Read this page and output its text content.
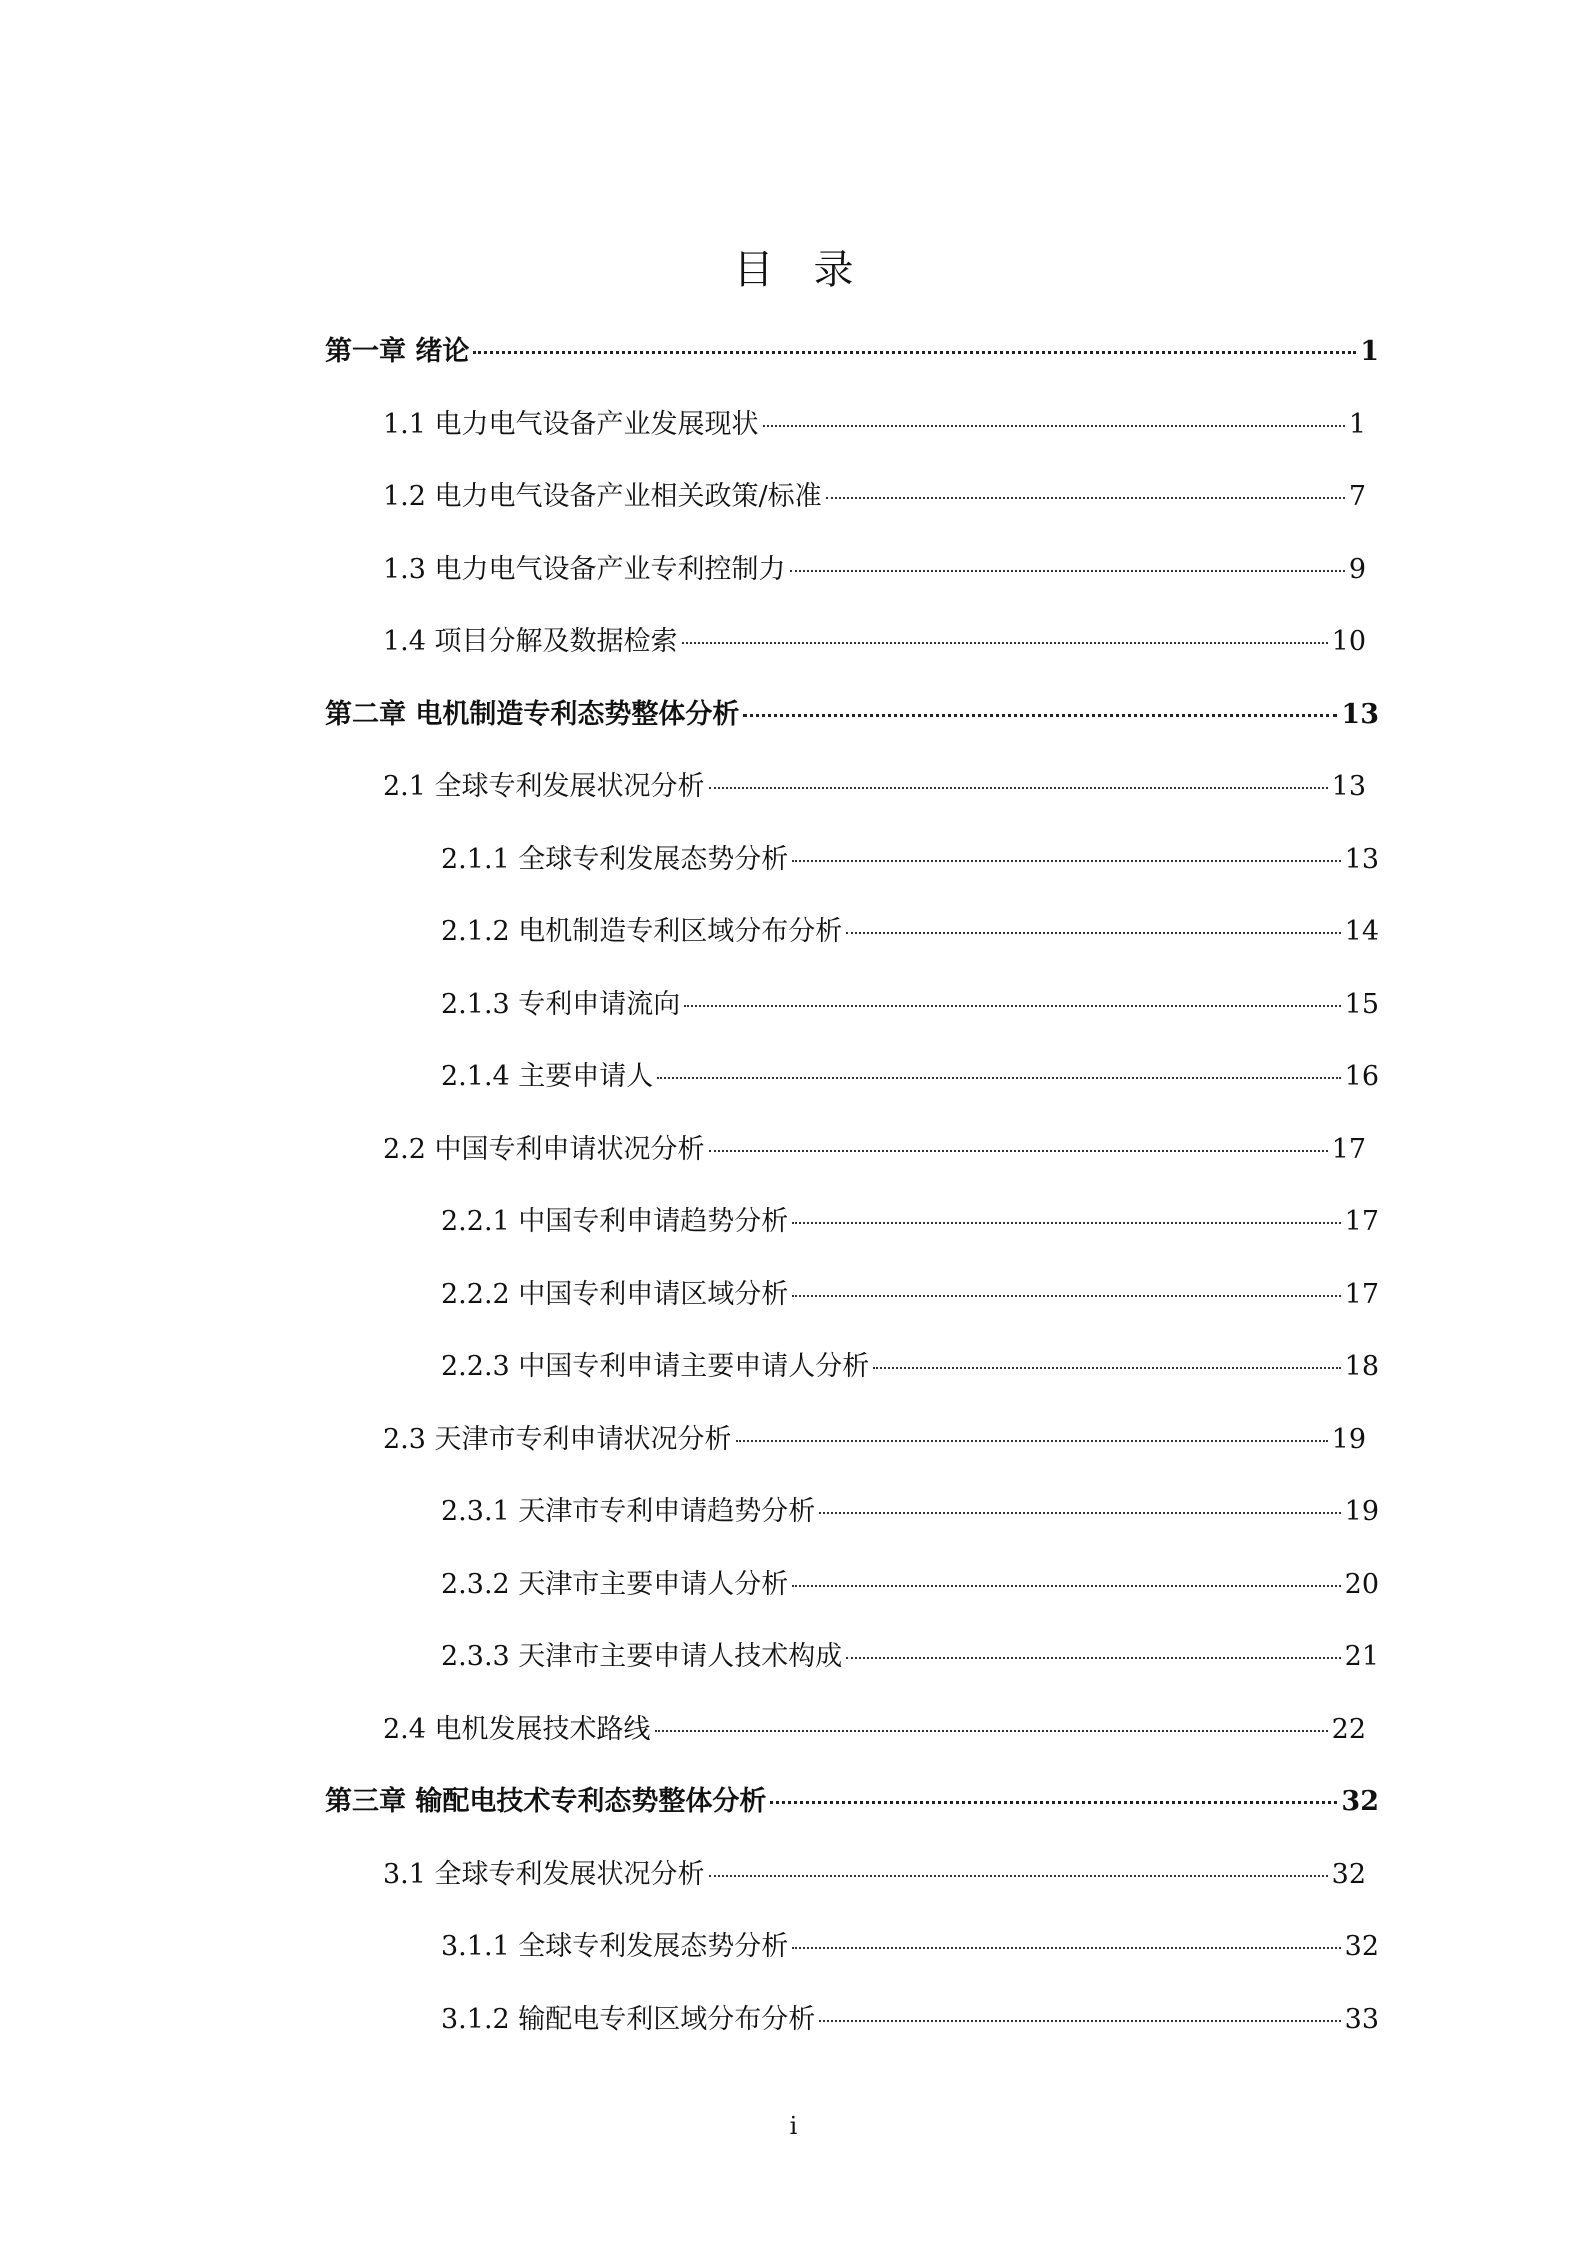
目录
第一章 绪论	1
1.1 电力电气设备产业发展现状	1
1.2 电力电气设备产业相关政策/标准	7
1.3 电力电气设备产业专利控制力	9
1.4 项目分解及数据检索	10
第二章 电机制造专利态势整体分析	13
2.1 全球专利发展状况分析	13
2.1.1 全球专利发展态势分析	13
2.1.2 电机制造专利区域分布分析	14
2.1.3 专利申请流向	15
2.1.4 主要申请人	16
2.2 中国专利申请状况分析	17
2.2.1 中国专利申请趋势分析	17
2.2.2 中国专利申请区域分析	17
2.2.3 中国专利申请主要申请人分析	18
2.3 天津市专利申请状况分析	19
2.3.1 天津市专利申请趋势分析	19
2.3.2 天津市主要申请人分析	20
2.3.3 天津市主要申请人技术构成	21
2.4 电机发展技术路线	22
第三章 输配电技术专利态势整体分析	32
3.1 全球专利发展状况分析	32
3.1.1 全球专利发展态势分析	32
3.1.2 输配电专利区域分布分析	33
i
